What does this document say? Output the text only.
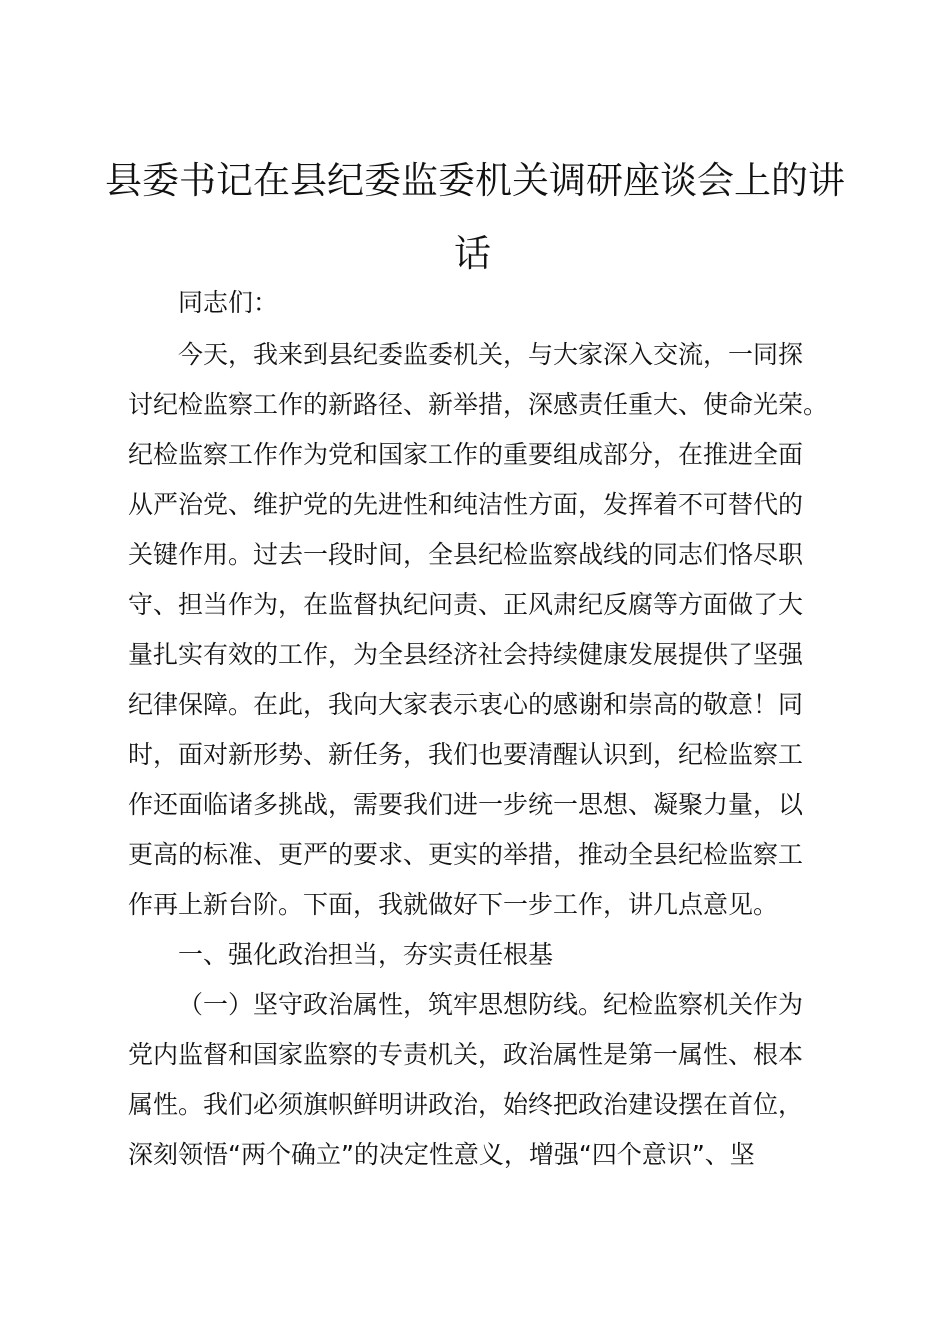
县委书记在县纪委监委机关调研座谈会上的讲
话

同志们：

今天，我来到县纪委监委机关，与大家深入交流，一同探

讨纪检监察工作的新路径、新举措，深感责任重大、使命光荣。

纪检监察工作作为党和国家工作的重要组成部分，在推进全面

从严治党、维护党的先进性和纯洁性方面，发挥着不可替代的

关键作用。过去一段时间，全县纪检监察战线的同志们恪尽职

守、担当作为，在监督执纪问责、正风肃纪反腐等方面做了大

量扎实有效的工作，为全县经济社会持续健康发展提供了坚强

纪律保障。在此，我向大家表示衷心的感谢和崇高的敬意！同

时，面对新形势、新任务，我们也要清醒认识到，纪检监察工

作还面临诸多挑战，需要我们进一步统一思想、凝聚力量，以

更高的标准、更严的要求、更实的举措，推动全县纪检监察工

作再上新台阶。下面，我就做好下一步工作，讲几点意见。

一、强化政治担当，夯实责任根基

（一）坚守政治属性，筑牢思想防线。纪检监察机关作为

党内监督和国家监察的专责机关，政治属性是第一属性、根本

属性。我们必须旗帜鲜明讲政治，始终把政治建设摆在首位，

深刻领悟“两个确立”的决定性意义，增强“四个意识”、坚
